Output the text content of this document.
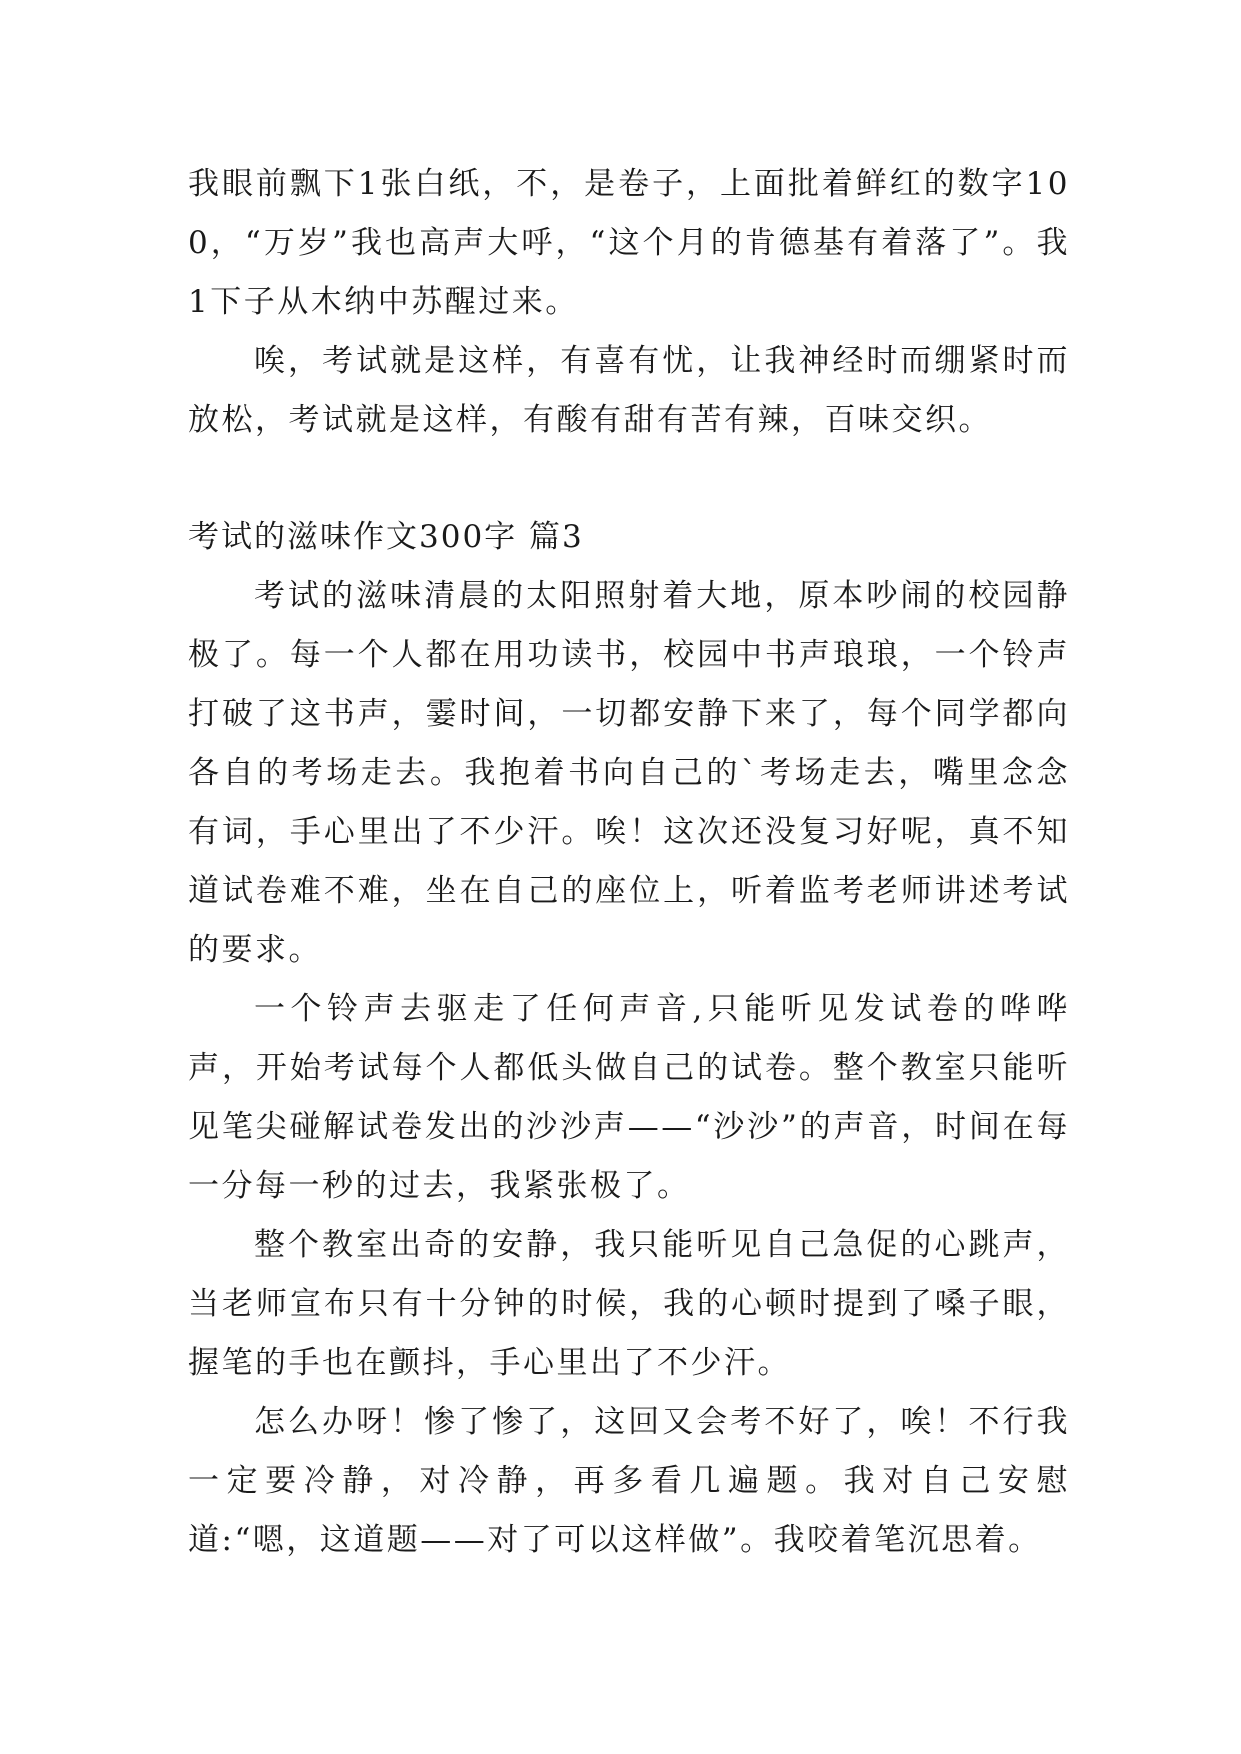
我眼前飘下1张白纸，不，是卷子，上面批着鲜红的数字100，“万岁”我也高声大呼，“这个月的肯德基有着落了”。我1下子从木纳中苏醒过来。

唉，考试就是这样，有喜有忧，让我神经时而绷紧时而放松，考试就是这样，有酸有甜有苦有辣，百味交织。

考试的滋味作文300字 篇3

考试的滋味清晨的太阳照射着大地，原本吵闹的校园静极了。每一个人都在用功读书，校园中书声琅琅，一个铃声打破了这书声，霎时间，一切都安静下来了，每个同学都向各自的考场走去。我抱着书向自己的`考场走去，嘴里念念有词，手心里出了不少汗。唉！这次还没复习好呢，真不知道试卷难不难，坐在自己的座位上，听着监考老师讲述考试的要求。

一个铃声去驱走了任何声音,只能听见发试卷的哗哗声，开始考试每个人都低头做自己的试卷。整个教室只能听见笔尖碰解试卷发出的沙沙声——“沙沙”的声音，时间在每一分每一秒的过去，我紧张极了。

整个教室出奇的安静，我只能听见自己急促的心跳声，当老师宣布只有十分钟的时候，我的心顿时提到了嗓子眼，握笔的手也在颤抖，手心里出了不少汗。

怎么办呀！惨了惨了，这回又会考不好了，唉！不行我一定要冷静，对冷静，再多看几遍题。我对自己安慰道:“嗯，这道题——对了可以这样做”。我咬着笔沉思着。
